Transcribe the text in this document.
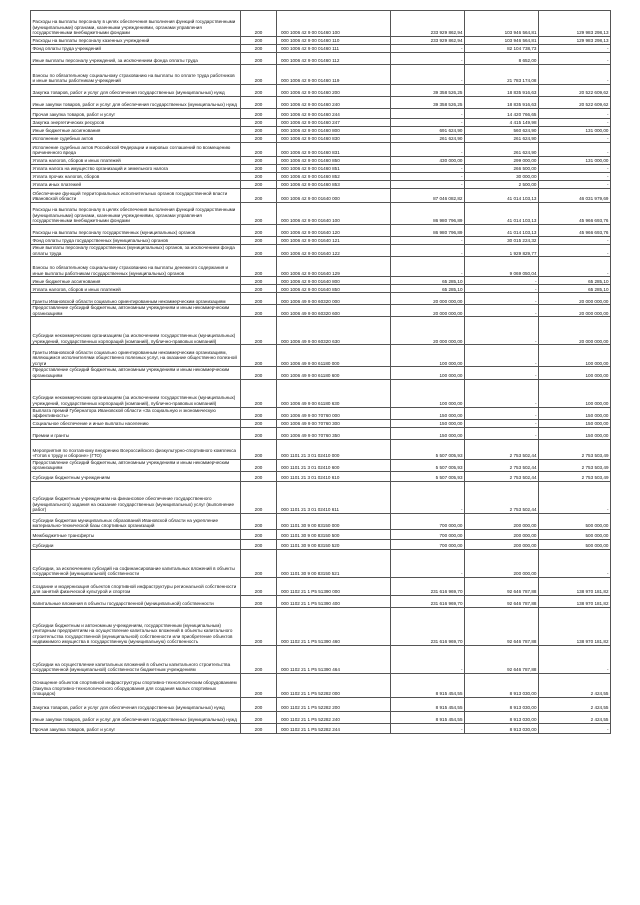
Расходы на выплаты персоналу в целях обеспечения выполнения функций государственными (муниципальными) органами, казенными учреждениями, органами управления государственными внебюджетными фондами	200	000 1006 42 9 00 01460 100	233 929 862,94	103 946 564,81	129 983 298,13
Расходы на выплаты персоналу казенных учреждений	200	000 1006 42 9 00 01460 110	233 929 862,94	103 946 564,81	129 983 298,13
Фонд оплаты труда учреждений	200	000 1006 42 9 00 01460 111	-	82 104 738,73	-
Иные выплаты персоналу учреждений, за исключением фонда оплаты труда	200	000 1006 42 9 00 01460 112	-	8 652,00	-
Взносы по обязательному социальному страхованию на выплаты по оплате труда работников и иные выплаты работникам учреждений	200	000 1006 42 9 00 01460 119	-	21 783 174,08	-
Закупка товаров, работ и услуг для обеспечения государственных (муниципальных) нужд	200	000 1006 42 9 00 01460 200	39 358 526,25	18 835 916,63	20 522 609,62
Иные закупки товаров, работ и услуг для обеспечения государственных (муниципальных) нужд	200	000 1006 42 9 00 01460 240	39 358 526,25	18 835 916,63	20 522 609,62
Прочая закупка товаров, работ и услуг	200	000 1006 42 9 00 01460 244	-	14 420 766,65	-
Закупка энергетических ресурсов	200	000 1006 42 9 00 01460 247	-	4 415 149,98	-
Иные бюджетные ассигнования	200	000 1006 42 9 00 01460 800	691 624,90	560 624,90	131 000,00
Исполнение судебных актов	200	000 1006 42 9 00 01460 830	261 624,90	261 624,90	-
Исполнение судебных актов Российской Федерации и мировых соглашений по возмещению причиненного вреда	200	000 1006 42 9 00 01460 831	-	261 624,90	-
Уплата налогов, сборов и иных платежей	200	000 1006 42 9 00 01460 850	430 000,00	299 000,00	131 000,00
Уплата налога на имущество организаций и земельного налога	200	000 1006 42 9 00 01460 851	-	266 500,00	-
Уплата прочих налогов, сборов	200	000 1006 42 9 00 01460 852	-	30 000,00	-
Уплата иных платежей	200	000 1006 42 9 00 01460 853	-	2 500,00	-
Обеспечение функций территориальных исполнительных органов государственной власти Ивановской области	200	000 1006 42 9 00 01640 000	87 046 082,82	41 014 103,13	46 031 979,69
Расходы на выплаты персоналу в целях обеспечения выполнения функций государственными (муниципальными) органами, казенными учреждениями, органами управления государственными внебюджетными фондами	200	000 1006 42 9 00 01640 100	86 980 796,89	41 014 103,13	45 966 693,76
Расходы на выплаты персоналу государственных (муниципальных) органов	200	000 1006 42 9 00 01640 120	86 980 796,89	41 014 103,13	45 966 693,76
Фонд оплаты труда государственных (муниципальных) органов	200	000 1006 42 9 00 01640 121	-	30 015 224,32	-
Иные выплаты персоналу государственных (муниципальных) органов, за исключением фонда оплаты труда	200	000 1006 42 9 00 01640 122	-	1 929 829,77	-
Взносы по обязательному социальному страхованию на выплаты денежного содержания и иные выплаты работникам государственных (муниципальных) органов	200	000 1006 42 9 00 01640 129	-	9 069 050,04	-
Иные бюджетные ассигнования	200	000 1006 42 9 00 01640 800	65 285,10	-	65 285,10
Уплата налогов, сборов и иных платежей	200	000 1006 42 9 00 01640 850	65 285,10	-	65 285,10
Гранты Ивановской области социально ориентированным некоммерческим организациям	200	000 1006 49 9 00 60320 000	20 000 000,00	-	20 000 000,00
Предоставление субсидий бюджетным, автономным учреждениям и иным некоммерческим организациям	200	000 1006 49 9 00 60320 600	20 000 000,00	-	20 000 000,00
Субсидии некоммерческим организациям (за исключением государственных (муниципальных) учреждений, государственных корпораций (компаний), публично-правовых компаний)	200	000 1006 49 9 00 60320 630	20 000 000,00	-	20 000 000,00
Гранты Ивановской области социально ориентированным некоммерческим организациям, являющимся исполнителями общественно полезных услуг, на оказание общественно полезной услуги	200	000 1006 49 9 00 61180 000	100 000,00	-	100 000,00
Предоставление субсидий бюджетным, автономным учреждениям и иным некоммерческим организациям	200	000 1006 49 9 00 61180 600	100 000,00	-	100 000,00
Субсидии некоммерческим организациям (за исключением государственных (муниципальных) учреждений, государственных корпораций (компаний), публично-правовых компаний)	200	000 1006 49 9 00 61180 630	100 000,00	-	100 000,00
Выплата премий Губернатора Ивановской области «За социальную и экономическую эффективность»	200	000 1006 49 9 00 70760 000	150 000,00	-	150 000,00
Социальное обеспечение и иные выплаты населению	200	000 1006 49 9 00 70760 300	150 000,00	-	150 000,00
Премии и гранты	200	000 1006 49 9 00 70760 350	150 000,00	-	150 000,00
Мероприятия по поэтапному внедрению Всероссийского физкультурно-спортивного комплекса «Готов к труду и обороне» (ГТО)	200	000 1101 21 3 01 02410 000	5 507 005,93	2 753 502,44	2 753 503,49
Предоставление субсидий бюджетным, автономным учреждениям и иным некоммерческим организациям	200	000 1101 21 3 01 02410 600	5 507 005,93	2 753 502,44	2 753 503,49
Субсидии бюджетным учреждениям	200	000 1101 21 3 01 02410 610	5 507 005,93	2 753 502,44	2 753 503,49
Субсидии бюджетным учреждениям на финансовое обеспечение государственного (муниципального) задания на оказание государственных (муниципальных) услуг (выполнение работ)	200	000 1101 21 3 01 02410 611	-	2 753 502,44	-
Субсидии бюджетам муниципальных образований Ивановской области на укрепление материально-технической базы спортивных организаций	200	000 1101 30 9 00 83150 000	700 000,00	200 000,00	500 000,00
Межбюджетные трансферты	200	000 1101 30 9 00 83150 500	700 000,00	200 000,00	500 000,00
Субсидии	200	000 1101 30 9 00 83150 520	700 000,00	200 000,00	500 000,00
Субсидии, за исключением субсидий на софинансирование капитальных вложений в объекты государственной (муниципальной) собственности	200	000 1101 30 9 00 83150 521	-	200 000,00	-
Создание и модернизация объектов спортивной инфраструктуры региональной собственности для занятий физической культурой и спортом	200	000 1102 21 1 P5 51390 000	231 616 969,70	92 646 787,88	138 970 181,82
Капитальные вложения в объекты государственной (муниципальной) собственности	200	000 1102 21 1 P5 51390 400	231 616 969,70	92 646 787,88	138 970 181,82
Субсидии бюджетным и автономным учреждениям, государственным (муниципальным) унитарным предприятиям на осуществление капитальных вложений в объекты капитального строительства государственной (муниципальной) собственности или приобретение объектов недвижимого имущества в государственную (муниципальную) собственность	200	000 1102 21 1 P5 51390 460	231 616 969,70	92 646 787,88	138 970 181,82
Субсидии на осуществление капитальных вложений в объекты капитального строительства государственной (муниципальной) собственности бюджетным учреждениям	200	000 1102 21 1 P5 51390 464	-	92 646 787,88	-
Оснащение объектов спортивной инфраструктуры спортивно-технологическим оборудованием (Закупка спортивно-технологического оборудования для создания малых спортивных площадок)	200	000 1102 21 1 P5 52282 000	8 915 454,55	8 913 030,00	2 424,55
Закупка товаров, работ и услуг для обеспечения государственных (муниципальных) нужд	200	000 1102 21 1 P5 52282 200	8 915 454,55	8 913 030,00	2 424,55
Иные закупки товаров, работ и услуг для обеспечения государственных (муниципальных) нужд	200	000 1102 21 1 P5 52282 240	8 915 454,55	8 913 030,00	2 424,55
Прочая закупка товаров, работ и услуг	200	000 1102 21 1 P5 52282 244	-	8 913 030,00	-
